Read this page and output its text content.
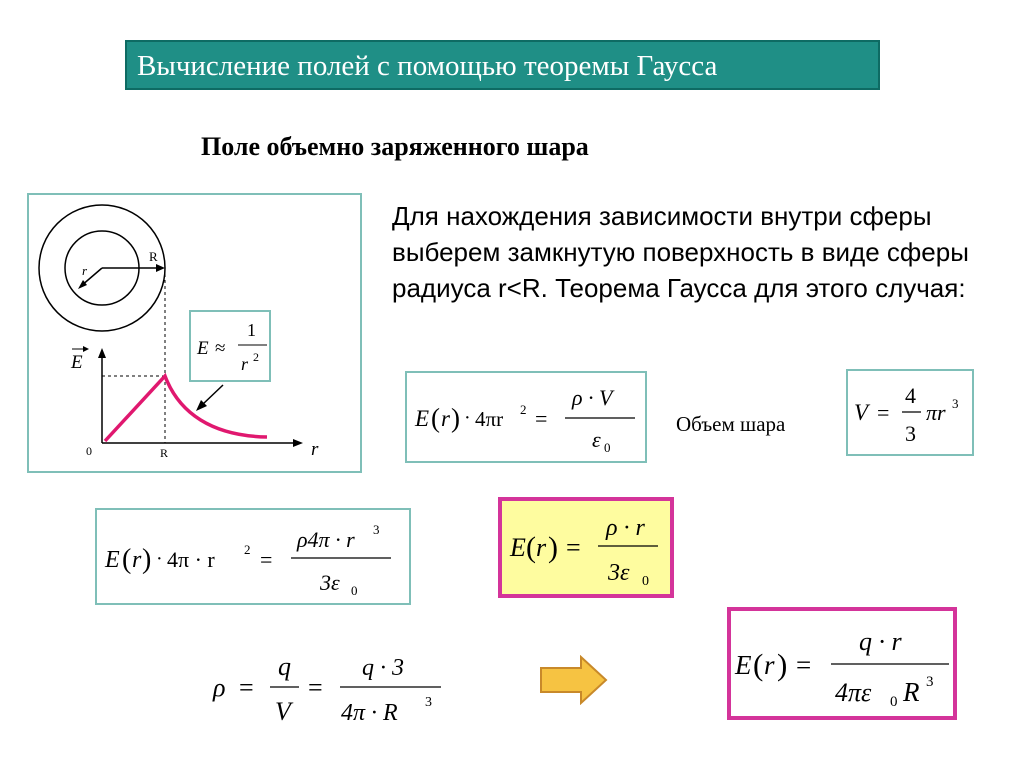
Вычисление полей с помощью теоремы Гаусса
Поле объемно заряженного шара
Для нахождения зависимости внутри сферы выберем замкнутую поверхность в виде сферы радиуса r<R. Теорема Гаусса для этого случая:
r
R
E
r
0	R
E ≈
1
r 2
E ( r ) · 4πr 2 =
ρ · V
ε 0
Объем шара	V =
4
3
πr 3
E ( r ) · 4π · r 2 =
ρ4π · r 3
3ε 0
E ( r ) =
ρ · r
3ε 0
ρ =
q
V
=
q · 3
4π · R 3
E ( r ) =
q · r
4πε 0 R 3
